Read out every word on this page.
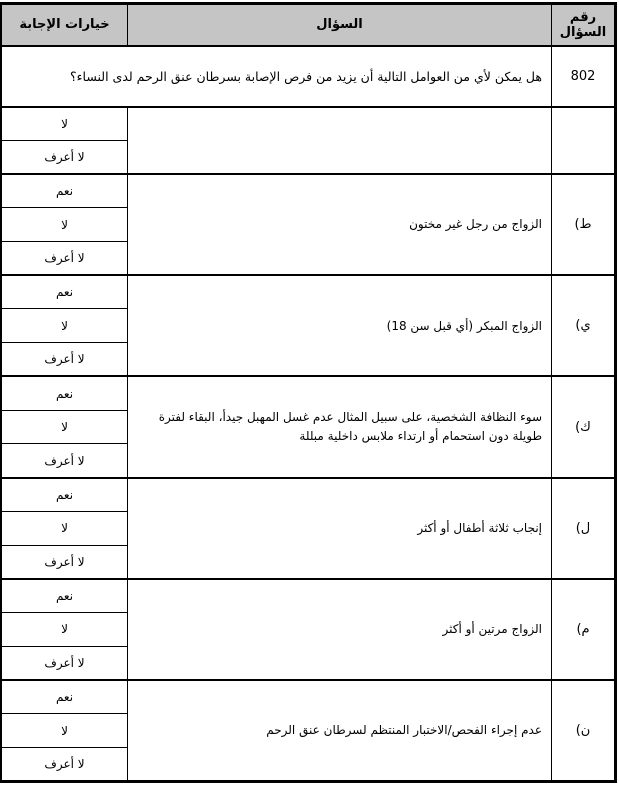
رقم السؤال	السؤال	خيارات الإجابة
802	هل يمكن لأي من العوامل التالية أن يزيد من فرص الإصابة بسرطان عنق الرحم لدى النساء؟	
		لا
		لا أعرف
ط)	الزواج من رجل غير مختون	نعم
		لا
		لا أعرف
ي)	الزواج المبكر (أي قبل سن 18)	نعم
		لا
		لا أعرف
ك)	سوء النظافة الشخصية، على سبيل المثال عدم غسل المهبل جيدأ، البقاء لفترة طويلة دون استحمام أو ارتداء ملابس داخلية مبللة	نعم
		لا
		لا أعرف
ل)	إنجاب ثلاثة أطفال أو أكثر	نعم
		لا
		لا أعرف
م)	الزواج مرتين أو أكثر	نعم
		لا
		لا أعرف
ن)	عدم إجراء الفحص/الاختبار المنتظم لسرطان عنق الرحم	نعم
		لا
		لا أعرف
